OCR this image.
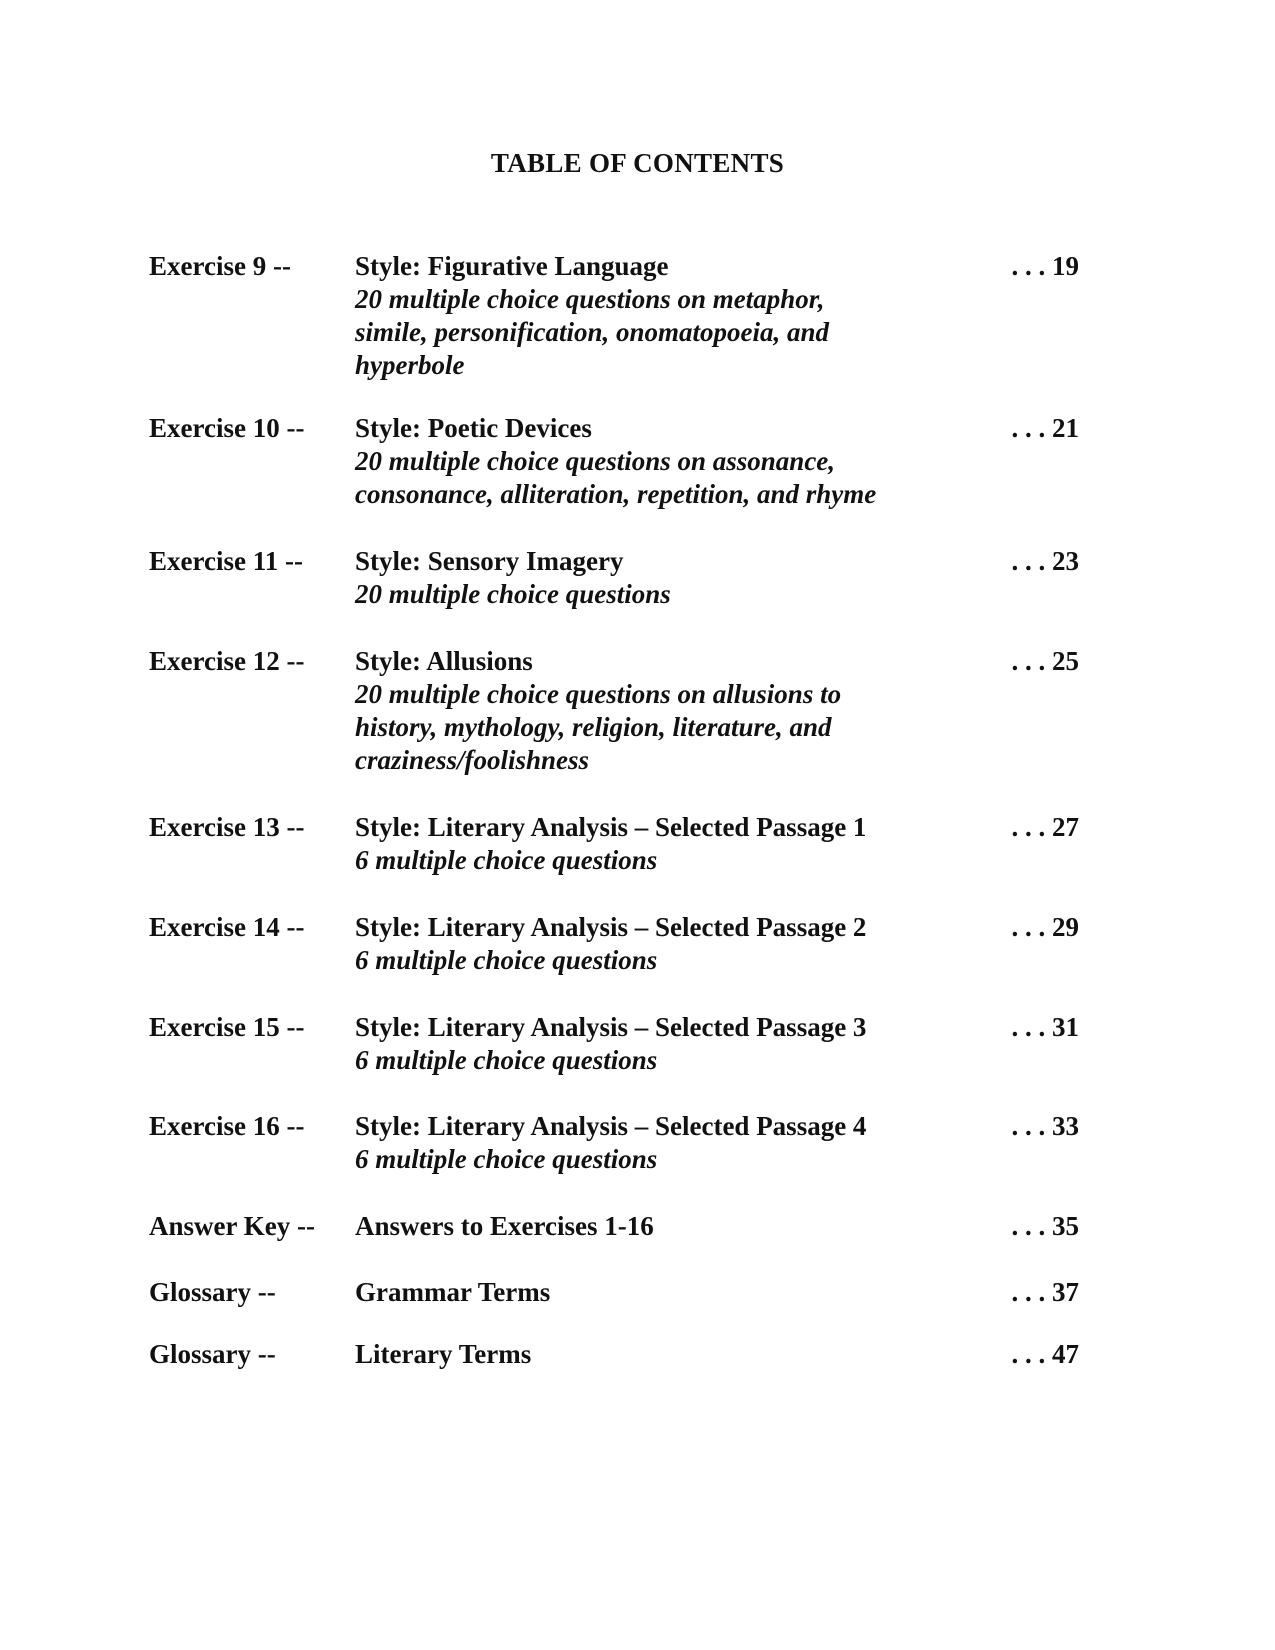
TABLE OF CONTENTS
Exercise 9 -- Style: Figurative Language
20 multiple choice questions on metaphor, simile, personification, onomatopoeia, and hyperbole
. . . 19
Exercise 10 -- Style: Poetic Devices
20 multiple choice questions on assonance, consonance, alliteration, repetition, and rhyme
. . . 21
Exercise 11 -- Style: Sensory Imagery
20 multiple choice questions
. . . 23
Exercise 12 -- Style: Allusions
20 multiple choice questions on allusions to history, mythology, religion, literature, and craziness/foolishness
. . . 25
Exercise 13 -- Style: Literary Analysis – Selected Passage 1
6 multiple choice questions
. . . 27
Exercise 14 -- Style: Literary Analysis – Selected Passage 2
6 multiple choice questions
. . . 29
Exercise 15 -- Style: Literary Analysis – Selected Passage 3
6 multiple choice questions
. . . 31
Exercise 16 -- Style: Literary Analysis – Selected Passage 4
6 multiple choice questions
. . . 33
Answer Key -- Answers to Exercises 1-16	. . . 35
Glossary --	Grammar Terms	. . . 37
Glossary --	Literary Terms	. . . 47
